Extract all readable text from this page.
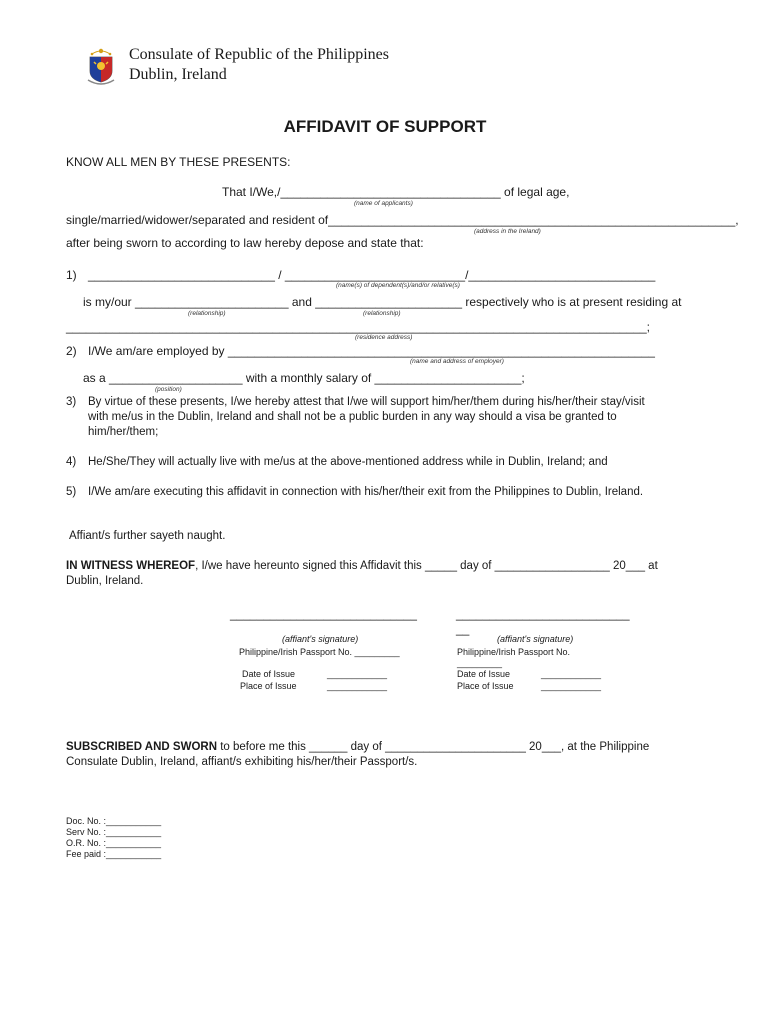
Consulate of Republic of the Philippines
Dublin, Ireland
AFFIDAVIT OF SUPPORT
KNOW ALL MEN BY THESE PRESENTS:
That I/We,/_________________________________ of legal age,
(name of applicants)
single/married/widower/separated and resident of_____________________________________________________________,
(address in the Ireland)
after being sworn to according to law hereby depose and state that:
1) ____________________________ / ___________________________/____________________________
(name(s) of dependent(s)/and/or relative(s)
is my/our _______________________ and ______________________ respectively who is at present residing at
(relationship)	(relationship)
_______________________________________________________________________________________;
(residence address)
2) I/We am/are employed by ________________________________________________________________
(name and address of employer)
as a ____________________ with a monthly salary of ______________________;
(position)
3) By virtue of these presents, I/we hereby attest that I/we will support him/her/them during his/her/their stay/visit
with me/us in the Dublin, Ireland and shall not be a public burden in any way should a visa be granted to
him/her/them;
4) He/She/They will actually live with me/us at the above-mentioned address while in Dublin, Ireland; and
5) I/We am/are executing this affidavit in connection with his/her/their exit from the Philippines to Dublin, Ireland.
Affiant/s further sayeth naught.
IN WITNESS WHEREOF, I/we have hereunto signed this Affidavit this _____ day of __________________ 20___ at
Dublin, Ireland.
____________________________
(affiant's signature)
Philippine/Irish Passport No. _________
Date of Issue	____________
Place of Issue	____________
__________________________
__
(affiant's signature)
Philippine/Irish Passport No.
_________
Date of Issue	____________
Place of Issue	____________
SUBSCRIBED AND SWORN to before me this ______ day of ______________________ 20___, at the Philippine
Consulate Dublin, Ireland, affiant/s exhibiting his/her/their Passport/s.
Doc. No. :___________
Serv No. :___________
O.R. No. :___________
Fee paid :___________
